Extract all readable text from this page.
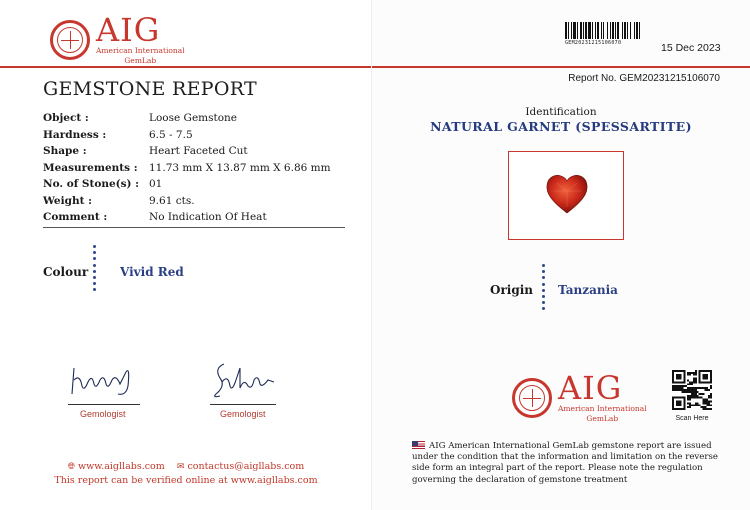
AIG
American International
GemLab
GEMSTONE REPORT
Object :	Loose Gemstone
Hardness :	6.5 - 7.5
Shape :	Heart Faceted Cut
Measurements :	11.73 mm X 13.87 mm X 6.86 mm
No. of Stone(s) : 01
Weight :	9.61 cts.
Comment :	No Indication Of Heat
Colour	Vivid Red
Gemologist	Gemologist
🌐︎ www.aigllabs.com ✉ contactus@aigllabs.com
This report can be verified online at www.aigllabs.com
GEM20231215106070	15 Dec 2023
Report No. GEM20231215106070
Identification
NATURAL GARNET (SPESSARTITE)
Origin Tanzania
AIG
American International
GemLab	Scan Here
AIG American International GemLab gemstone report are issued under the condition that the information and limitation on the reverse side form an integral part of the report. Please note the regulation governing the declaration of gemstone treatment
